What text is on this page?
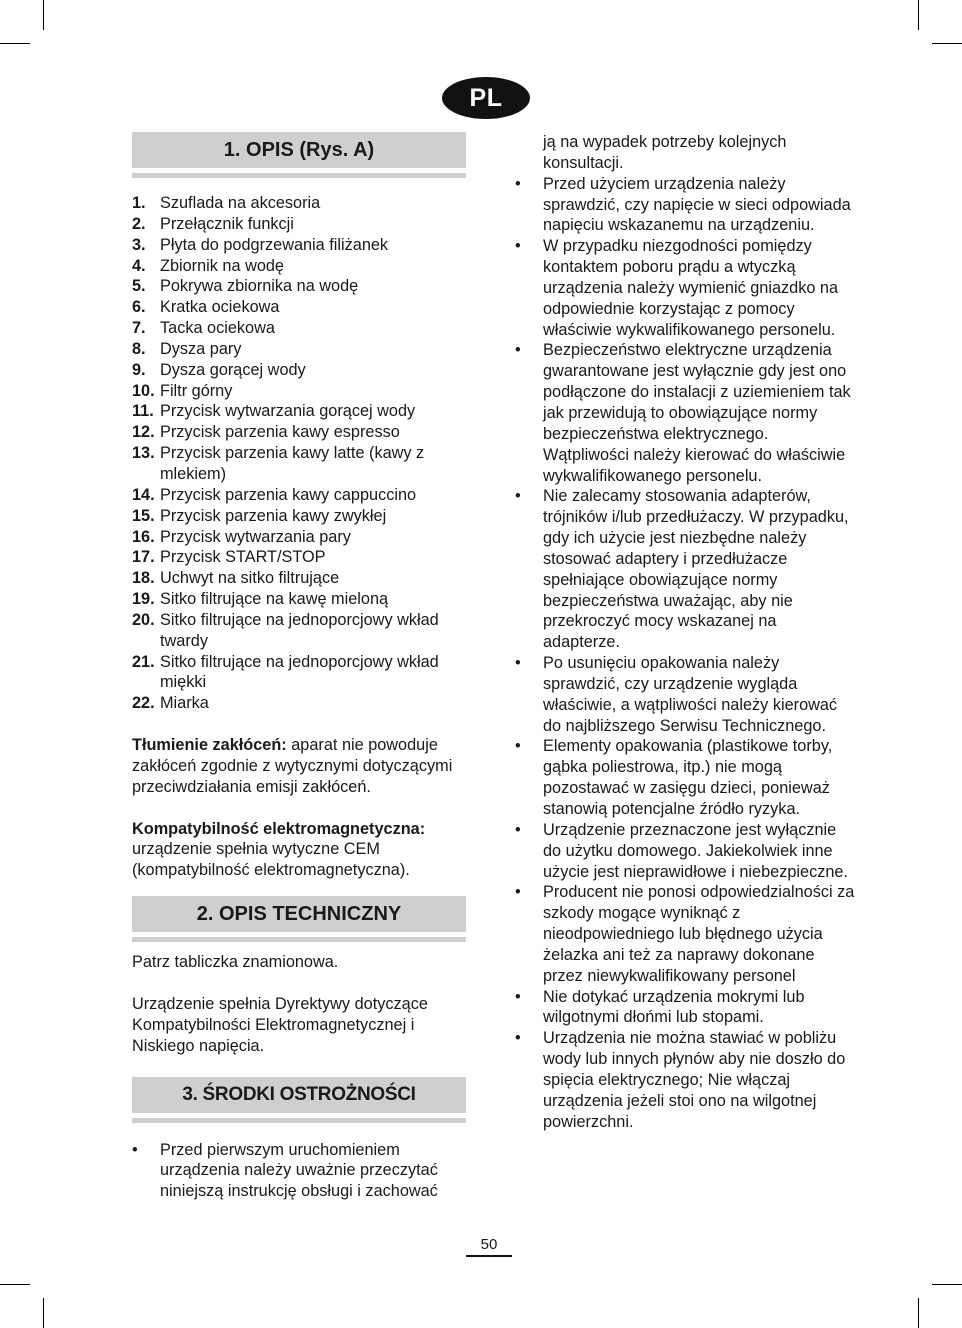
PL
1. OPIS (Rys. A)
1. Szuflada na akcesoria
2. Przełącznik funkcji
3. Płyta do podgrzewania filiżanek
4. Zbiornik na wodę
5. Pokrywa zbiornika na wodę
6. Kratka ociekowa
7. Tacka ociekowa
8. Dysza pary
9. Dysza gorącej wody
10. Filtr górny
11. Przycisk wytwarzania gorącej wody
12. Przycisk parzenia kawy espresso
13. Przycisk parzenia kawy latte (kawy z mlekiem)
14. Przycisk parzenia kawy cappuccino
15. Przycisk parzenia kawy zwykłej
16. Przycisk wytwarzania pary
17. Przycisk START/STOP
18. Uchwyt na sitko filtrujące
19. Sitko filtrujące na kawę mieloną
20. Sitko filtrujące na jednoporcjowy wkład twardy
21. Sitko filtrujące na jednoporcjowy wkład miękki
22. Miarka

Tłumienie zakłóceń: aparat nie powoduje zakłóceń zgodnie z wytycznymi dotyczącymi przeciwdziałania emisji zakłóceń.

Kompatybilność elektromagnetyczna:
urządzenie spełnia wytyczne CEM (kompatybilność elektromagnetyczna).

2. OPIS TECHNICZNY

Patrz tabliczka znamionowa.

Urządzenie spełnia Dyrektywy dotyczące Kompatybilności Elektromagnetycznej i Niskiego napięcia.

3. ŚRODKI OSTROŻNOŚCI
• Przed pierwszym uruchomieniem urządzenia należy uważnie przeczytać niniejszą instrukcję obsługi i zachować
ją na wypadek potrzeby kolejnych konsultacji.
• Przed użyciem urządzenia należy sprawdzić, czy napięcie w sieci odpowiada napięciu wskazanemu na urządzeniu.
• W przypadku niezgodności pomiędzy kontaktem poboru prądu a wtyczką urządzenia należy wymienić gniazdko na odpowiednie korzystając z pomocy właściwie wykwalifikowanego personelu.
• Bezpieczeństwo elektryczne urządzenia gwarantowane jest wyłącznie gdy jest ono podłączone do instalacji z uziemieniem tak jak przewidują to obowiązujące normy bezpieczeństwa elektrycznego. Wątpliwości należy kierować do właściwie wykwalifikowanego personelu.
• Nie zalecamy stosowania adapterów, trójników i/lub przedłużaczy. W przypadku, gdy ich użycie jest niezbędne należy stosować adaptery i przedłużacze spełniające obowiązujące normy bezpieczeństwa uważając, aby nie przekroczyć mocy wskazanej na adapterze.
• Po usunięciu opakowania należy sprawdzić, czy urządzenie wygląda właściwie, a wątpliwości należy kierować do najbliższego Serwisu Technicznego.
• Elementy opakowania (plastikowe torby, gąbka poliestrowa, itp.) nie mogą pozostawać w zasięgu dzieci, ponieważ stanowią potencjalne źródło ryzyka.
• Urządzenie przeznaczone jest wyłącznie do użytku domowego. Jakiekolwiek inne użycie jest nieprawidłowe i niebezpieczne.
• Producent nie ponosi odpowiedzialności za szkody mogące wyniknąć z nieodpowiedniego lub błędnego użycia żelazka ani też za naprawy dokonane przez niewykwalifikowany personel
• Nie dotykać urządzenia mokrymi lub wilgotnymi dłońmi lub stopami.
• Urządzenia nie można stawiać w pobliżu wody lub innych płynów aby nie doszło do spięcia elektrycznego; Nie włączaj urządzenia jeżeli stoi ono na wilgotnej powierzchni.
50
